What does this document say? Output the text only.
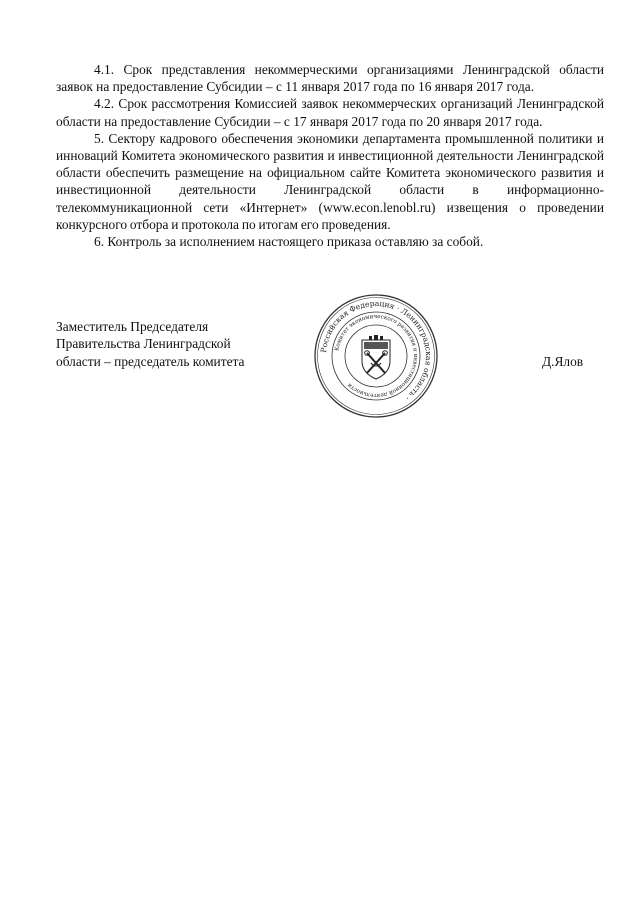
4.1. Срок представления некоммерческими организациями Ленинградской области заявок на предоставление Субсидии – с 11 января 2017 года по 16 января 2017 года.

4.2. Срок рассмотрения Комиссией заявок некоммерческих организаций Ленинградской области на предоставление Субсидии – с 17 января 2017 года по 20 января 2017 года.

5. Сектору кадрового обеспечения экономики департамента промышленной политики и инноваций Комитета экономического развития и инвестиционной деятельности Ленинградской области обеспечить размещение на официальном сайте Комитета экономического развития и инвестиционной деятельности Ленинградской области в информационно-телекоммуникационной сети «Интернет» (www.econ.lenobl.ru) извещения о проведении конкурсного отбора и протокола по итогам его проведения.

6. Контроль за исполнением настоящего приказа оставляю за собой.

Заместитель Председателя
Правительства Ленинградской
области – председатель комитета
Российская Федерация · Ленинградская область ·
Комитет экономического развития и инвестиционной деятельности
Д.Ялов
